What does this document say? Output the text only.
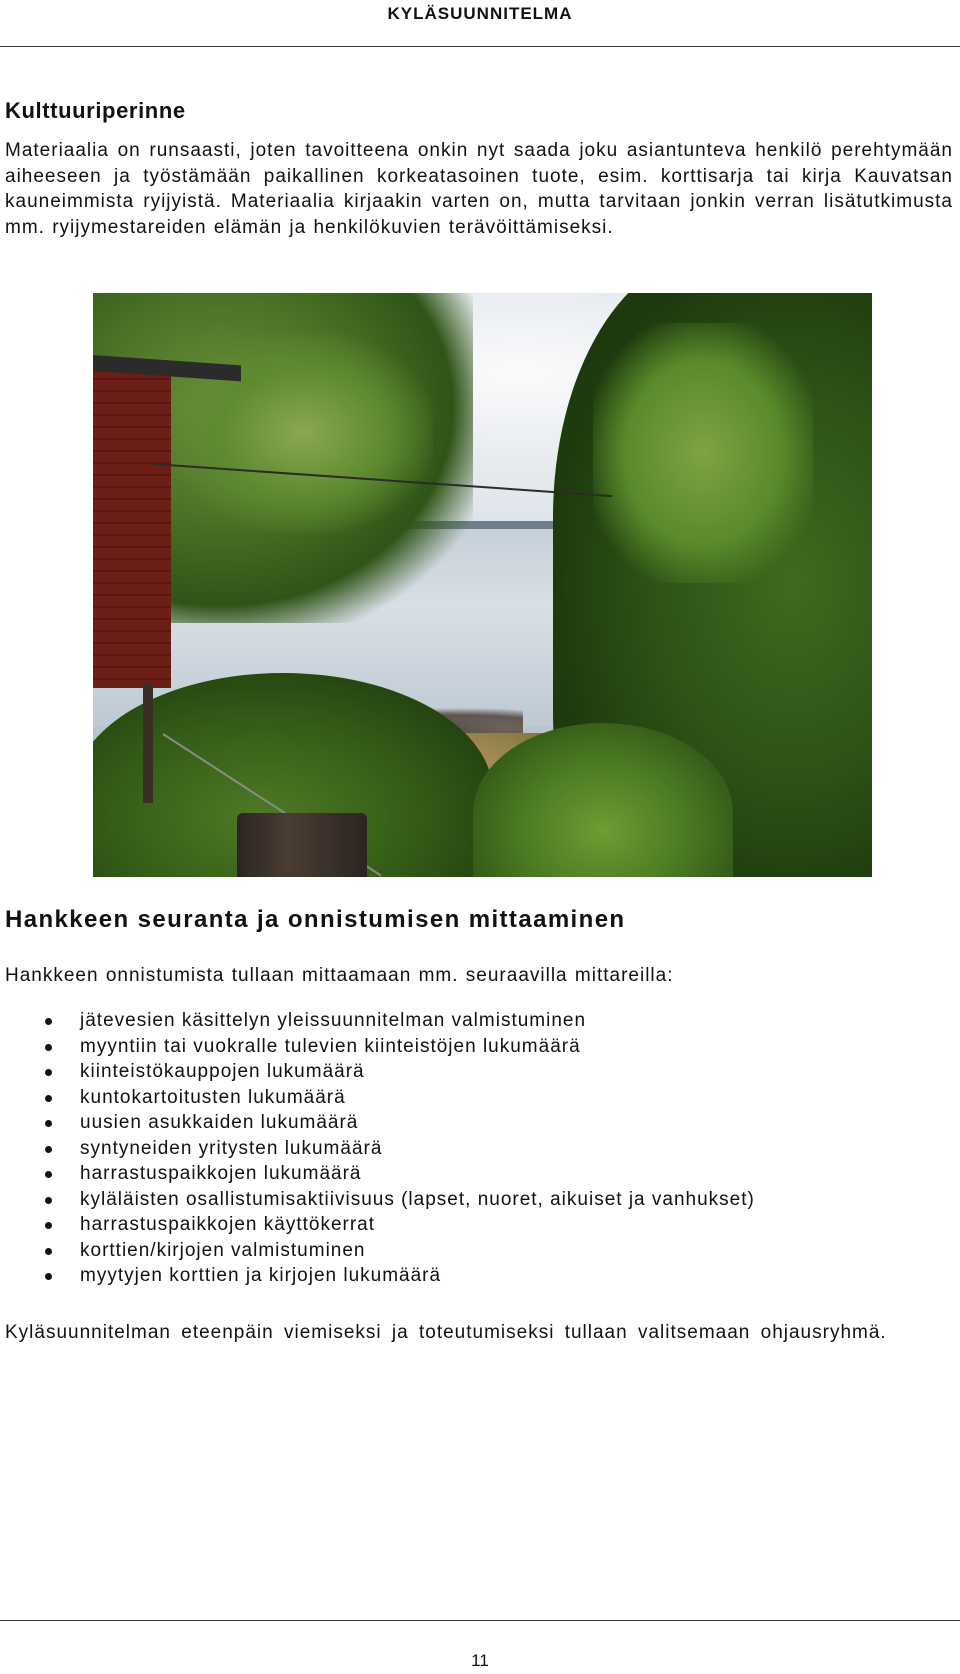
KYLÄSUUNNITELMA
Kulttuuriperinne

Materiaalia on runsaasti, joten tavoitteena onkin nyt saada joku asiantunteva henkilö perehtymään aiheeseen ja työstämään paikallinen korkeatasoinen tuote, esim. korttisarja tai kirja Kauvatsan kauneimmista ryijyistä. Materiaalia kirjaakin varten on, mutta tarvitaan jonkin verran lisätutkimusta mm. ryijymestareiden elämän ja henkilökuvien terävöittämiseksi.

Hankkeen seuranta ja onnistumisen mittaaminen

Hankkeen onnistumista tullaan mittaamaan mm. seuraavilla mittareilla:

jätevesien käsittelyn yleissuunnitelman valmistuminen
myyntiin tai vuokralle tulevien kiinteistöjen lukumäärä
kiinteistökauppojen lukumäärä
kuntokartoitusten lukumäärä
uusien asukkaiden lukumäärä
syntyneiden yritysten lukumäärä
harrastuspaikkojen lukumäärä
kyläläisten osallistumisaktiivisuus (lapset, nuoret, aikuiset ja vanhukset)
harrastuspaikkojen käyttökerrat
korttien/kirjojen valmistuminen
myytyjen korttien ja kirjojen lukumäärä

Kyläsuunnitelman eteenpäin viemiseksi ja toteutumiseksi tullaan valitsemaan ohjausryhmä.

11
